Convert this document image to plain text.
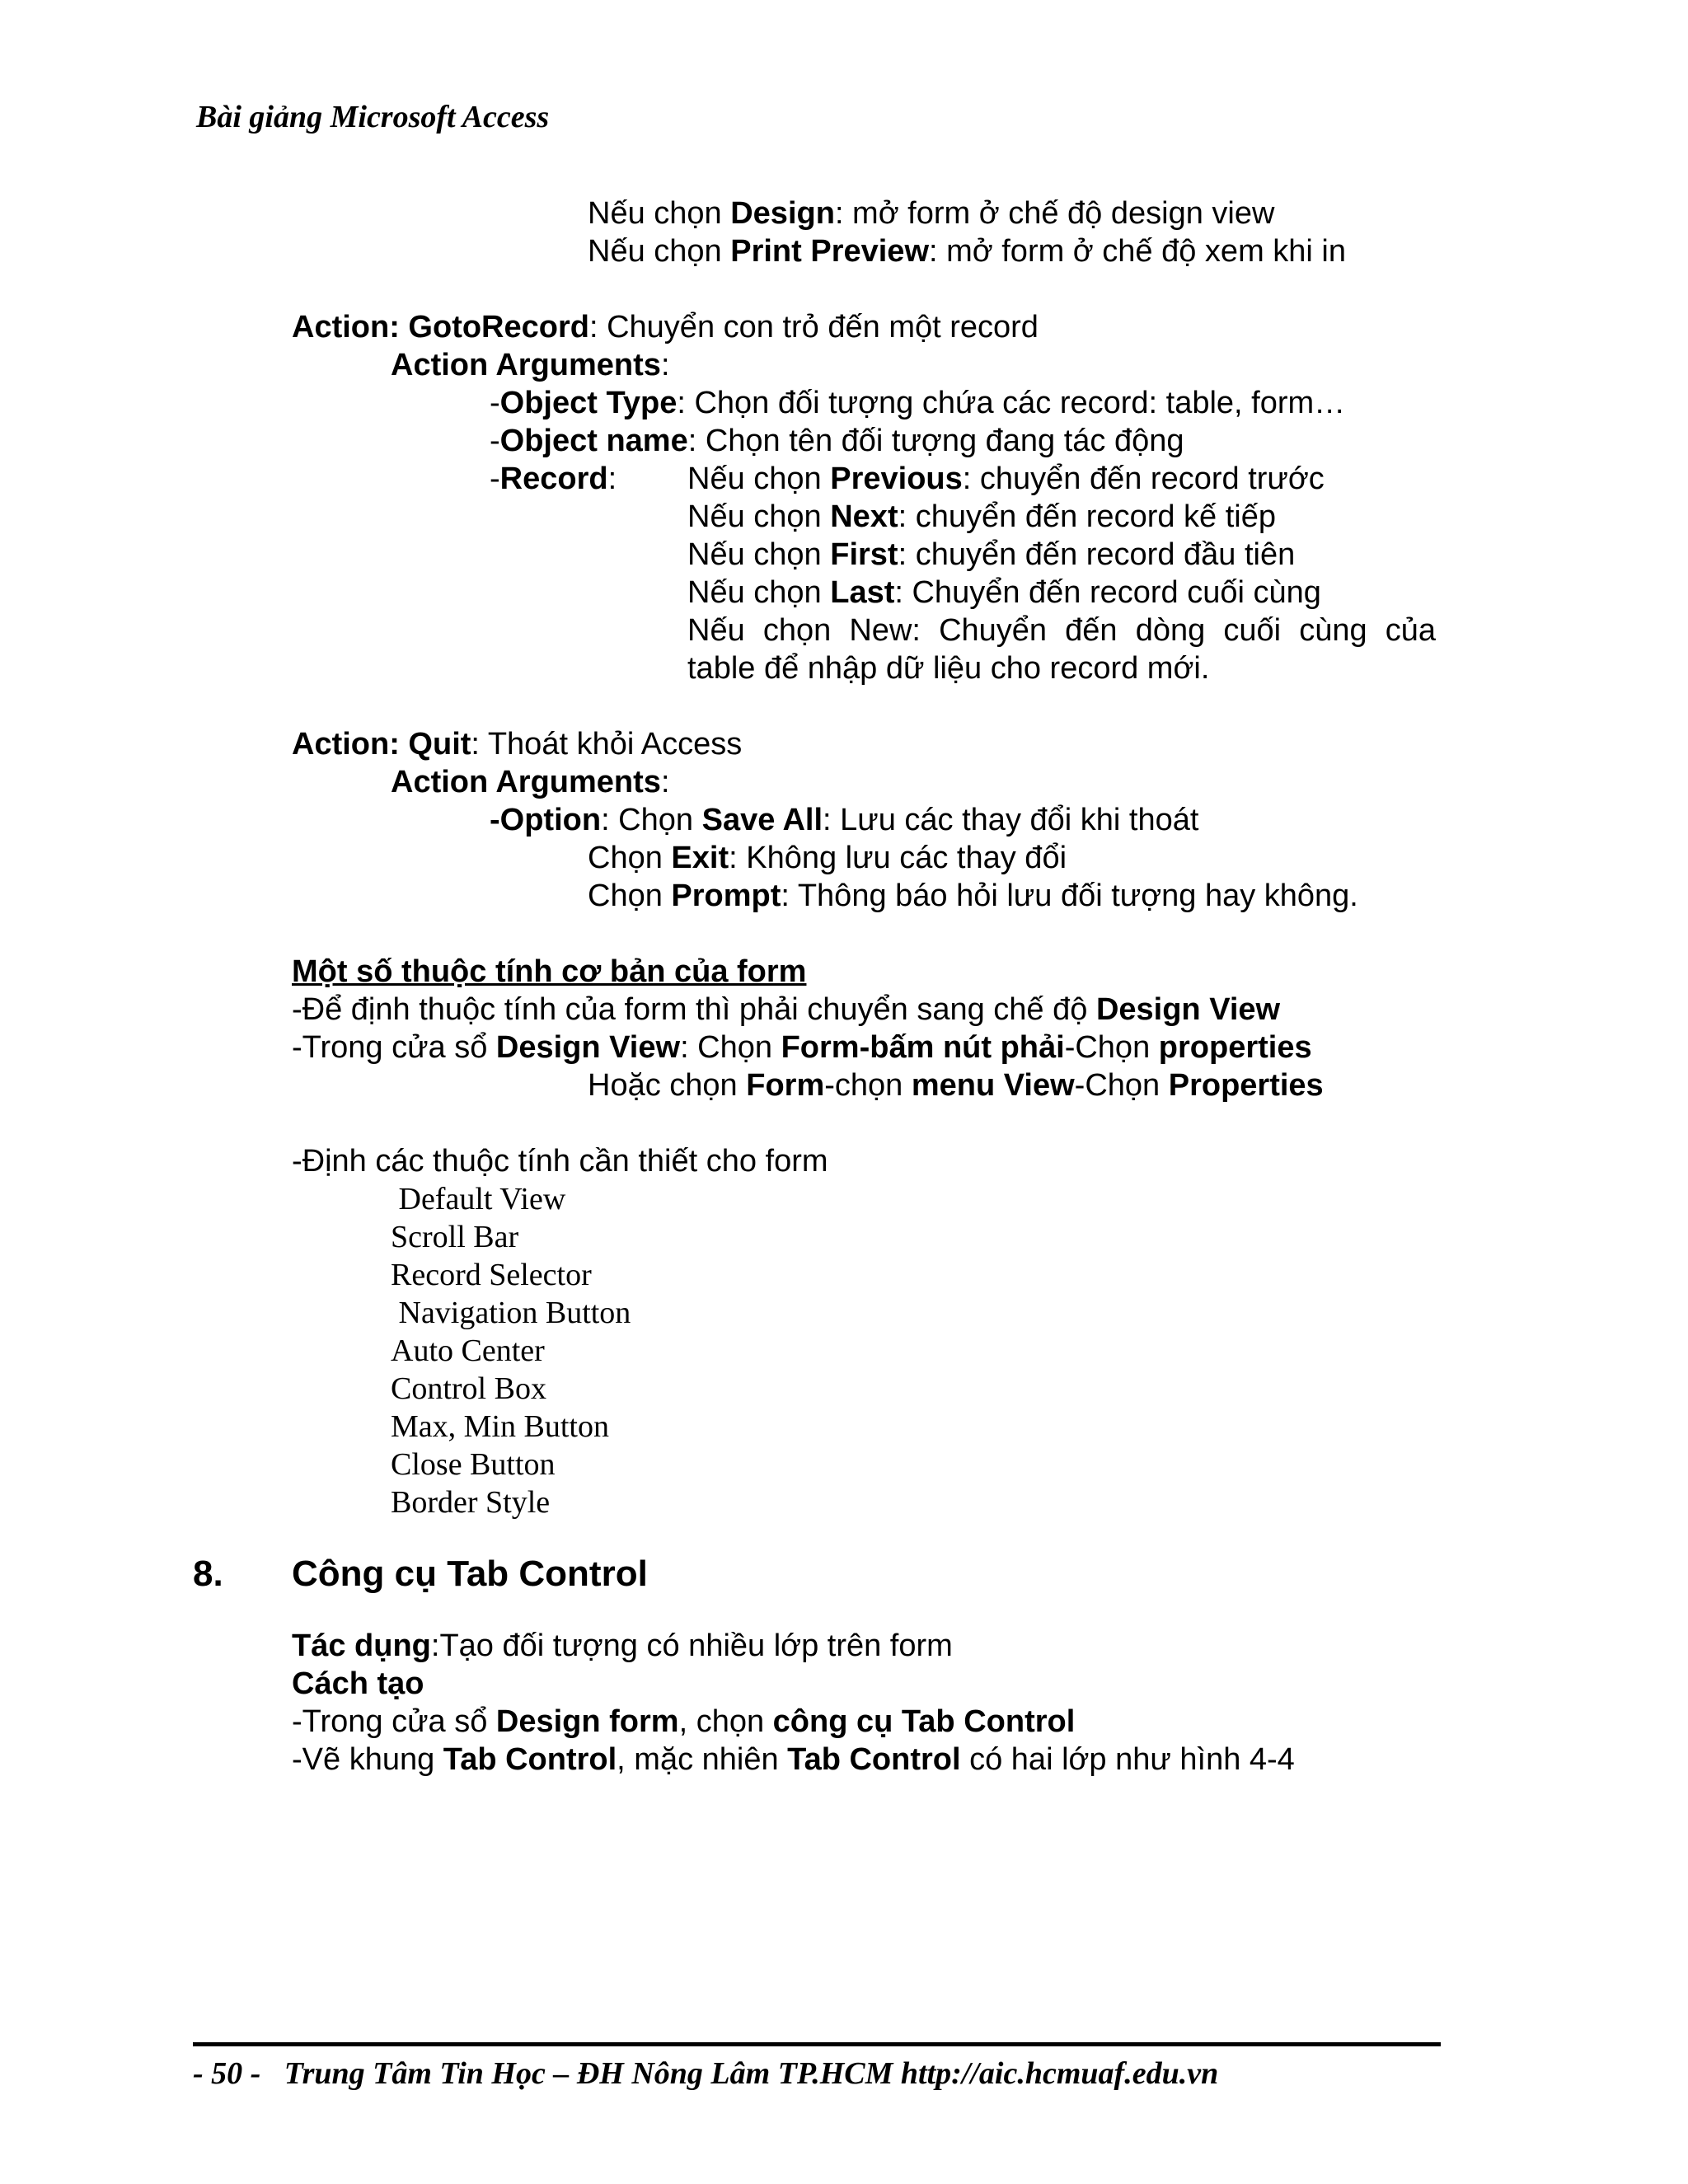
Bài giảng Microsoft Access
Nếu chọn Design: mở form ở chế độ design view
Nếu chọn Print Preview: mở form ở chế độ xem khi in
Action: GotoRecord: Chuyển con trỏ đến một record
Action Arguments:
-Object Type: Chọn đối tượng chứa các record: table, form…
-Object name: Chọn tên đối tượng đang tác động
-Record: Nếu chọn Previous: chuyển đến record trước
Nếu chọn Next: chuyển đến record kế tiếp
Nếu chọn First: chuyển đến record đầu tiên
Nếu chọn Last: Chuyển đến record cuối cùng
Nếu chọn New: Chuyển đến dòng cuối cùng của table để nhập dữ liệu cho record mới.
Action: Quit: Thoát khỏi Access
Action Arguments:
-Option: Chọn Save All: Lưu các thay đổi khi thoát
Chọn Exit: Không lưu các thay đổi
Chọn Prompt: Thông báo hỏi lưu đối tượng hay không.
Một số thuộc tính cơ bản của form
-Để định thuộc tính của form thì phải chuyển sang chế độ Design View
-Trong cửa sổ Design View: Chọn Form-bấm nút phải-Chọn properties
Hoặc chọn Form-chọn menu View-Chọn Properties
-Định các thuộc tính cần thiết cho form
Default View
Scroll Bar
Record Selector
Navigation Button
Auto Center
Control Box
Max, Min Button
Close Button
Border Style
8. Công cụ Tab Control
Tác dụng:Tạo đối tượng có nhiều lớp trên form
Cách tạo
-Trong cửa sổ Design form, chọn công cụ Tab Control
-Vẽ khung Tab Control, mặc nhiên Tab Control có hai lớp như hình 4-4
- 50 -   Trung Tâm Tin Học – ĐH Nông Lâm TP.HCM http://aic.hcmuaf.edu.vn
